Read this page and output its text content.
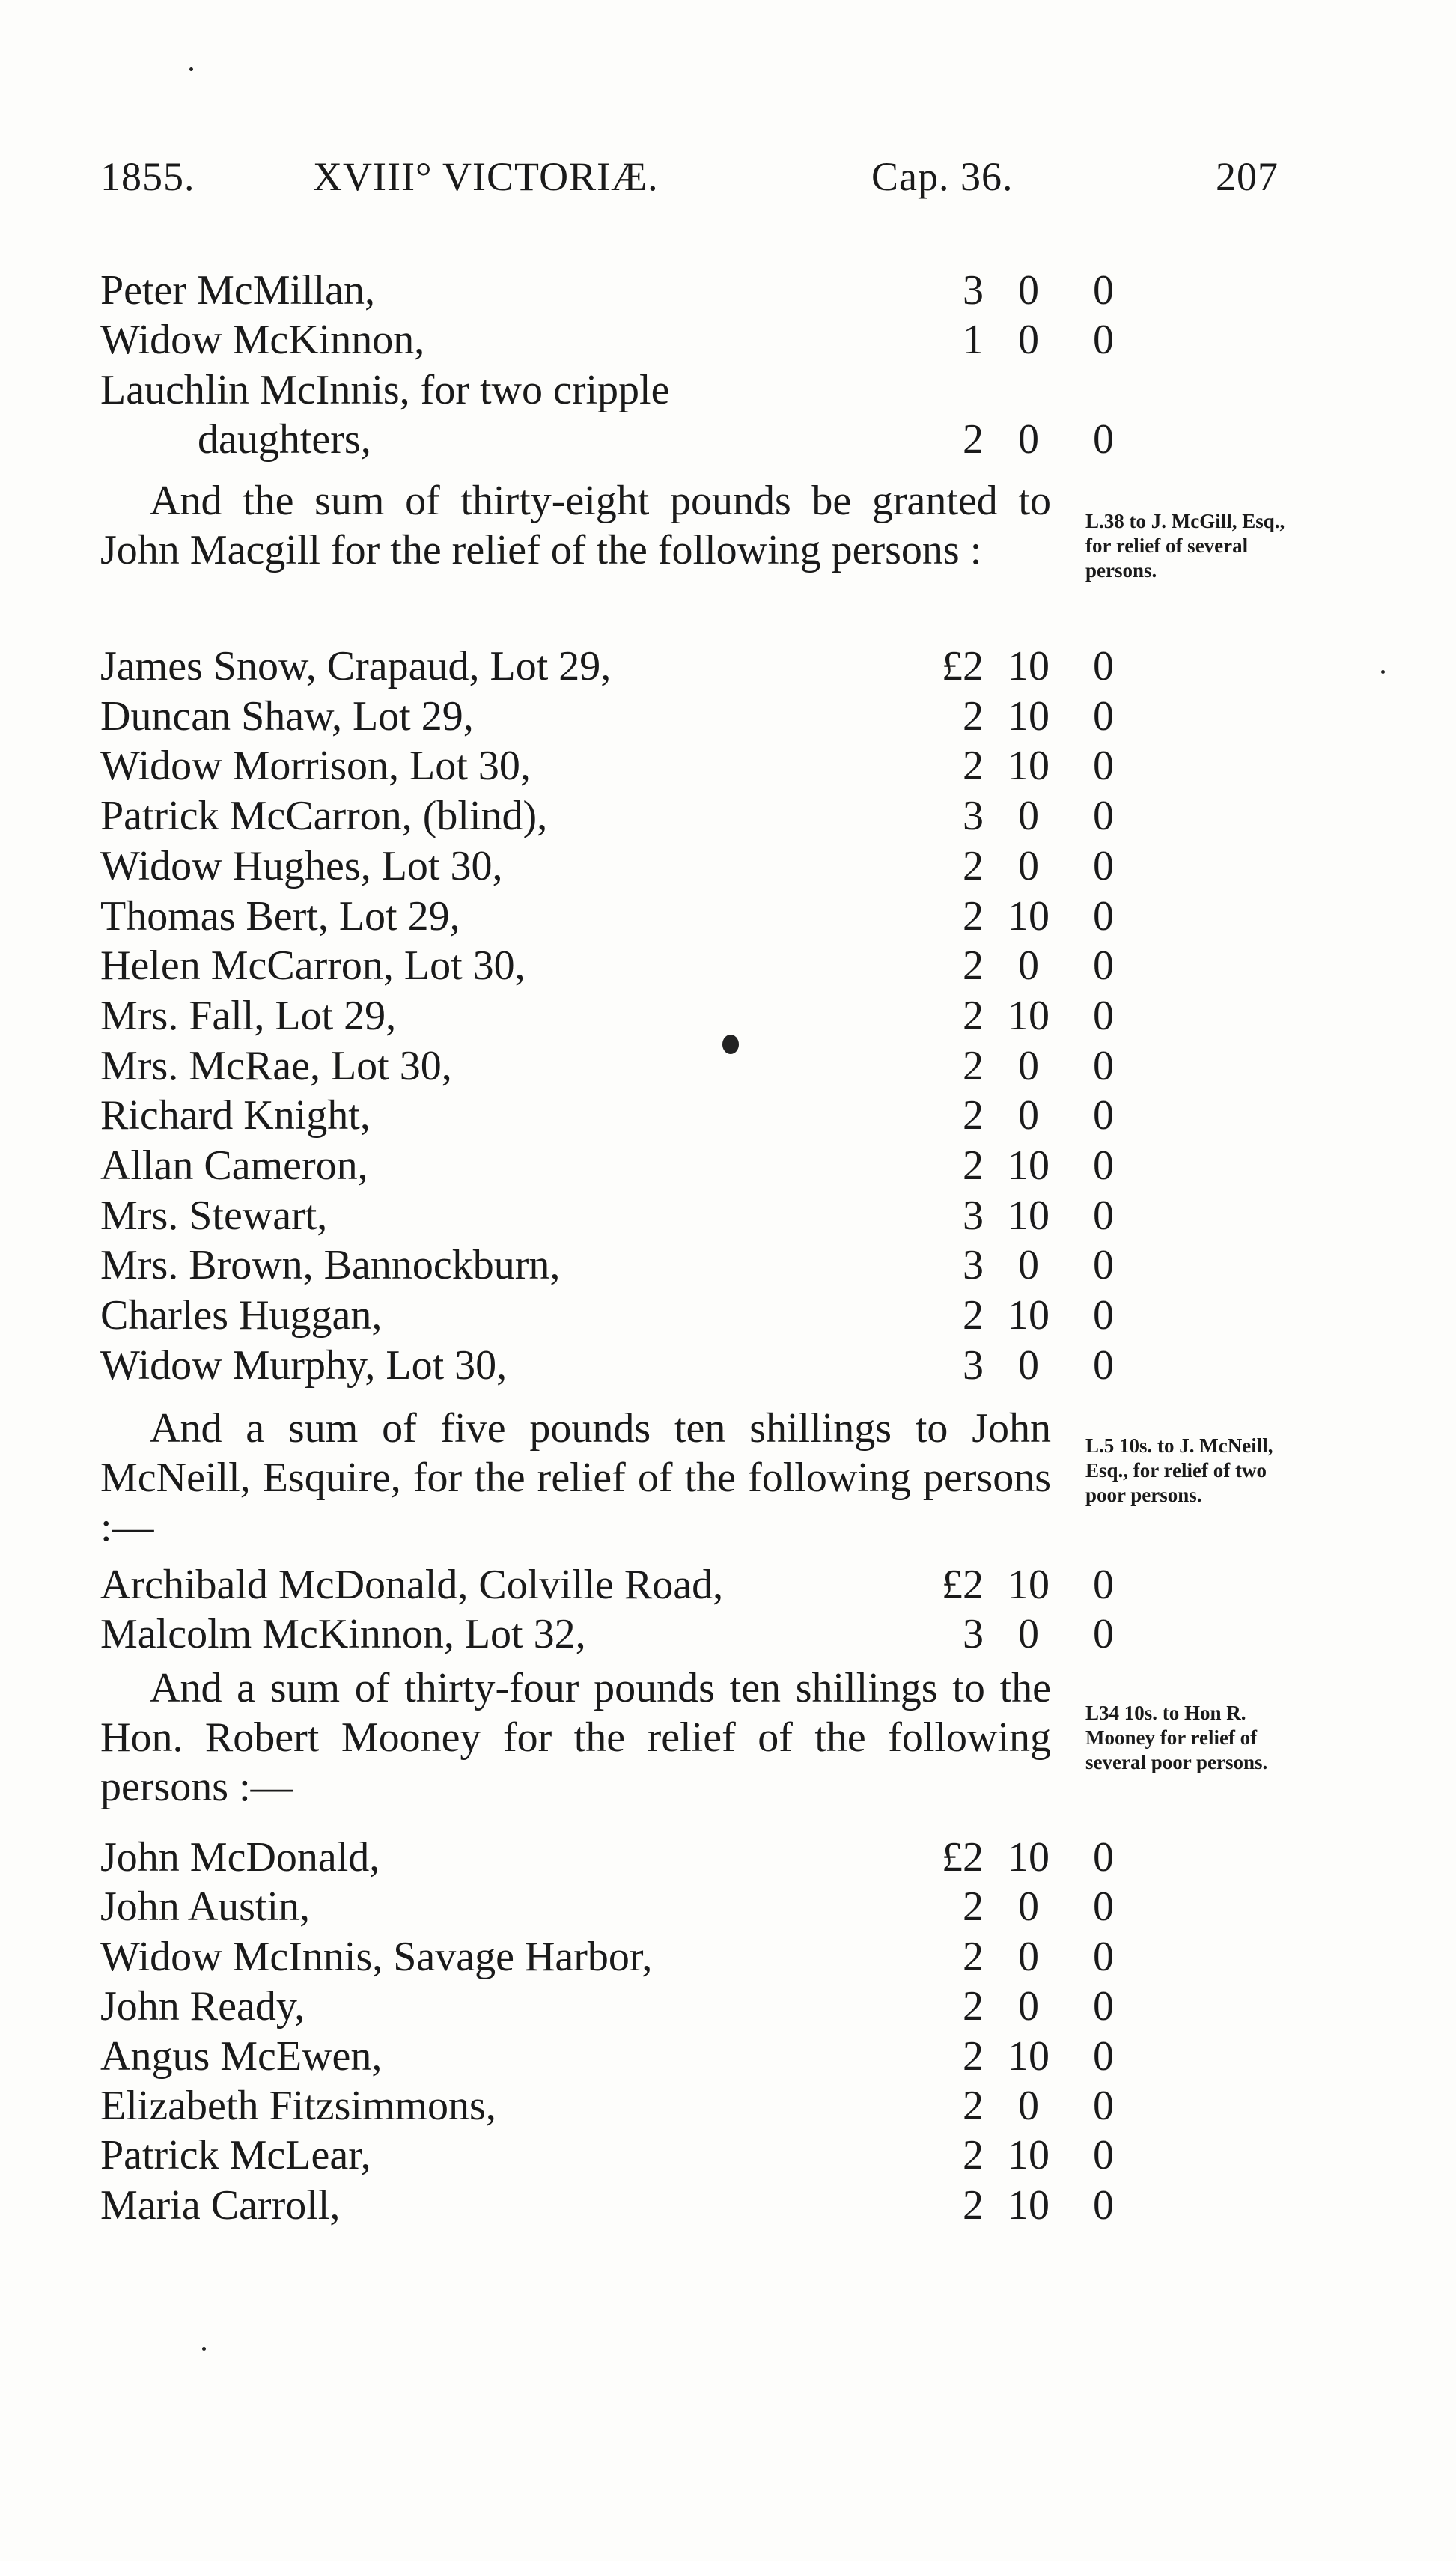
1855.	XVIII° VICTORIÆ.	Cap. 36.	207
Peter McMillan,	3 0	0
Widow McKinnon,	1 0	0
Lauchlin McInnis, for two cripple
daughters,	2 0	0
And the sum of thirty-eight pounds be granted to John Macgill for the relief of the following persons :
L.38 to J. McGill, Esq., for relief of several persons.
James Snow, Crapaud, Lot 29,	£2 10	0
Duncan Shaw, Lot 29,	2 10	0
Widow Morrison, Lot 30,	2 10	0
Patrick McCarron, (blind),	3 0	0
Widow Hughes, Lot 30,	2 0	0
Thomas Bert, Lot 29,	2 10	0
Helen McCarron, Lot 30,	2 0	0
Mrs. Fall, Lot 29,	2 10	0
Mrs. McRae, Lot 30,	2 0	0
Richard Knight,	2 0	0
Allan Cameron,	2 10	0
Mrs. Stewart,	3 10	0
Mrs. Brown, Bannockburn,	3 0	0
Charles Huggan,	2 10	0
Widow Murphy, Lot 30,	3 0	0
And a sum of five pounds ten shillings to John McNeill, Esquire, for the relief of the following persons :—
L.5 10s. to J. McNeill, Esq., for relief of two poor persons.
Archibald McDonald, Colville Road,	£2 10	0
Malcolm McKinnon, Lot 32,	3 0	0
And a sum of thirty-four pounds ten shillings to the Hon. Robert Mooney for the relief of the following persons :—
L34 10s. to Hon R. Mooney for relief of several poor persons.
John McDonald,	£2 10	0
John Austin,	2 0	0
Widow McInnis, Savage Harbor,	2 0	0
John Ready,	2 0	0
Angus McEwen,	2 10	0
Elizabeth Fitzsimmons,	2 0	0
Patrick McLear,	2 10	0
Maria Carroll,	2 10	0
